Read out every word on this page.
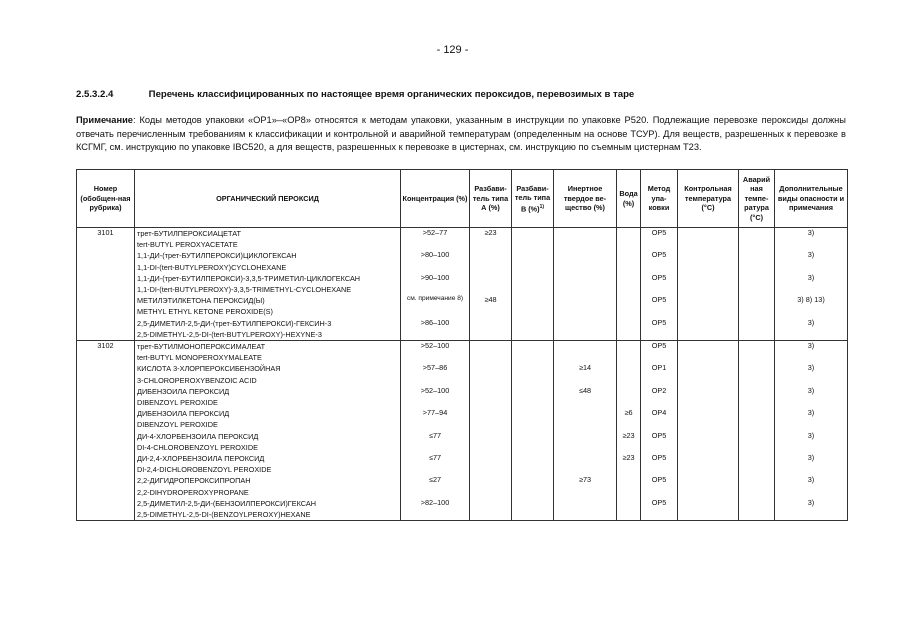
- 129 -
2.5.3.2.4	Перечень классифицированных по настоящее время органических пероксидов, перевозимых в таре
Примечание: Коды методов упаковки «OP1»–«OP8» относятся к методам упаковки, указанным в инструкции по упаковке P520. Подлежащие перевозке пероксиды должны отвечать перечисленным требованиям к классификации и контрольной и аварийной температурам (определенным на основе ТСУР). Для веществ, разрешенных к перевозке в КСГМГ, см. инструкцию по упаковке IBC520, а для веществ, разрешенных к перевозке в цистернах, см. инструкцию по съемным цистернам T23.
Номер (обобщен-ная рубрика)	ОРГАНИЧЕСКИЙ ПЕРОКСИД	Концентрация (%)	Разбави-тель типа А (%)	Разбави-тель типа В (%)$^{1)}$	Инертное твердое ве-щество (%)	Вода (%)	Метод упа-ковки	Контрольная температура (°C)	Аварий ная темпе-ратура (°C)	Дополнительные виды опасности и примечания
3101	трет-БУТИЛПЕРОКСИАЦЕТАТ
tert-BUTYL PEROXYACETATE	>52–77	≥23				OP5			3)

	1,1-ДИ-(трет-БУТИЛПЕРОКСИ)ЦИКЛОГЕКСАН
1,1-DI-(tert-BUTYLPEROXY)CYCLOHEXANE	>80–100					OP5			3)

	1,1-ДИ-(трет-БУТИЛПЕРОКСИ)-3,3,5-ТРИМЕТИЛ-ЦИКЛОГЕКСАН
1,1-DI-(tert-BUTYLPEROXY)-3,3,5-TRIMETHYL-CYCLOHEXANE	>90–100					OP5			3)

	МЕТИЛЭТИЛКЕТОНА ПЕРОКСИД(Ы)
METHYL ETHYL KETONE PEROXIDE(S)	см. примечание 8)	≥48				OP5			3) 8) 13)

	2,5-ДИМЕТИЛ-2,5-ДИ-(трет-БУТИЛПЕРОКСИ)-ГЕКСИН-3
2,5-DIMETHYL-2,5-DI-(tert-BUTYLPEROXY)-HEXYNE-3	>86–100					OP5			3)
3102	трет-БУТИЛМОНОПЕРОКСИМАЛЕАТ
tert-BUTYL MONOPEROXYMALEATE	>52–100					OP5			3)

	КИСЛОТА 3-ХЛОРПЕРОКСИБЕНЗОЙНАЯ
3-CHLOROPEROXYBENZOIC ACID	>57–86			≥14		OP1			3)

	ДИБЕНЗОИЛА ПЕРОКСИД
DIBENZOYL PEROXIDE	>52–100			≤48		OP2			3)

	ДИБЕНЗОИЛА ПЕРОКСИД
DIBENZOYL PEROXIDE	>77–94				≥6	OP4			3)

	ДИ-4-ХЛОРБЕНЗОИЛА ПЕРОКСИД
DI-4-CHLOROBENZOYL PEROXIDE	≤77				≥23	OP5			3)

	ДИ-2,4-ХЛОРБЕНЗОИЛА ПЕРОКСИД
DI-2,4-DICHLOROBENZOYL PEROXIDE	≤77				≥23	OP5			3)

	2,2-ДИГИДРОПЕРОКСИПРОПАН
2,2-DIHYDROPEROXYPROPANE	≤27			≥73		OP5			3)

	2,5-ДИМЕТИЛ-2,5-ДИ-(БЕНЗОИЛПЕРОКСИ)ГЕКСАН
2,5-DIMETHYL-2,5-DI-(BENZOYLPEROXY)HEXANE	>82–100					OP5			3)
